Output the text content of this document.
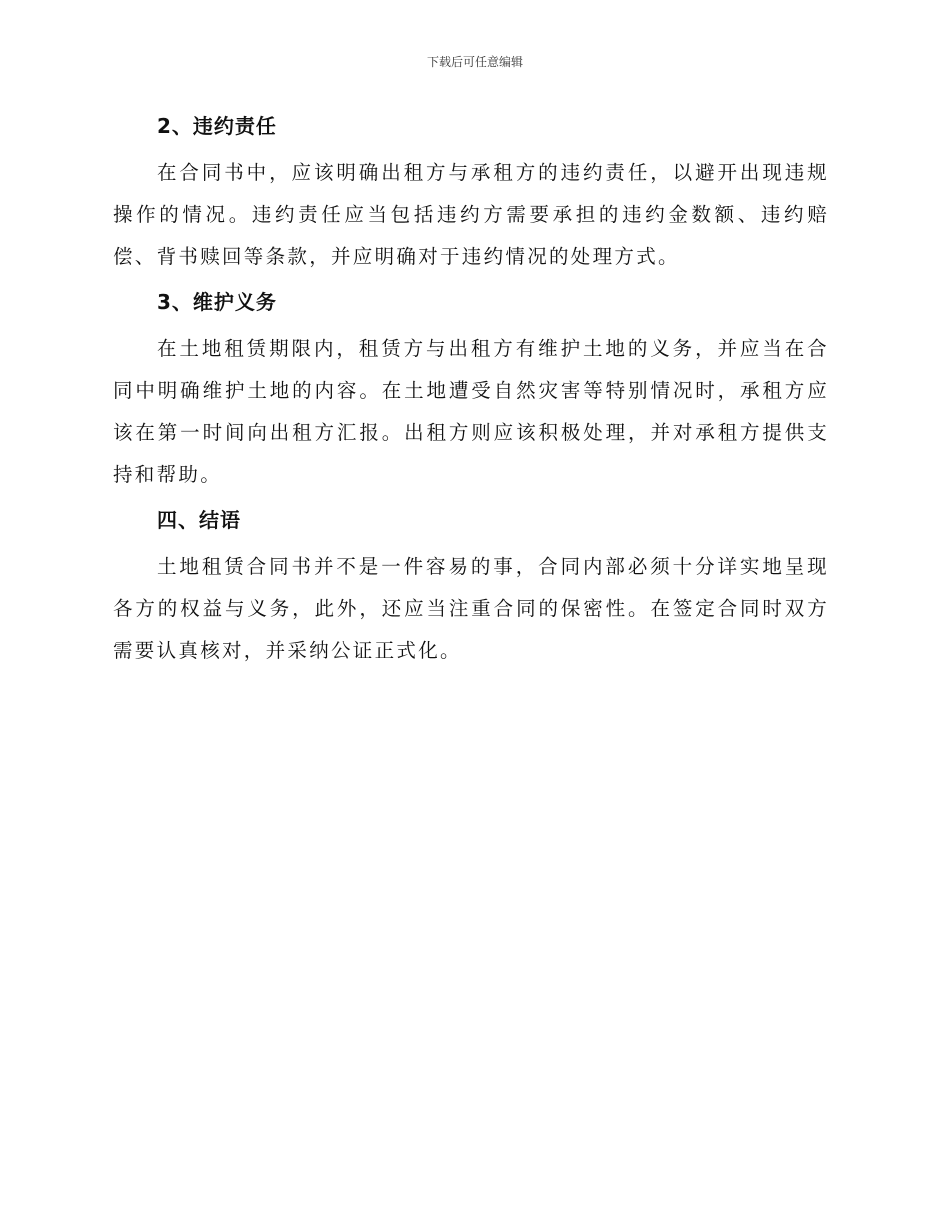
下载后可任意编辑
2、违约责任

在合同书中，应该明确出租方与承租方的违约责任，以避开出现违规操作的情况。违约责任应当包括违约方需要承担的违约金数额、违约赔偿、背书赎回等条款，并应明确对于违约情况的处理方式。

3、维护义务

在土地租赁期限内，租赁方与出租方有维护土地的义务，并应当在合同中明确维护土地的内容。在土地遭受自然灾害等特别情况时，承租方应该在第一时间向出租方汇报。出租方则应该积极处理，并对承租方提供支持和帮助。

四、结语

土地租赁合同书并不是一件容易的事，合同内部必须十分详实地呈现各方的权益与义务，此外，还应当注重合同的保密性。在签定合同时双方需要认真核对，并采纳公证正式化。
